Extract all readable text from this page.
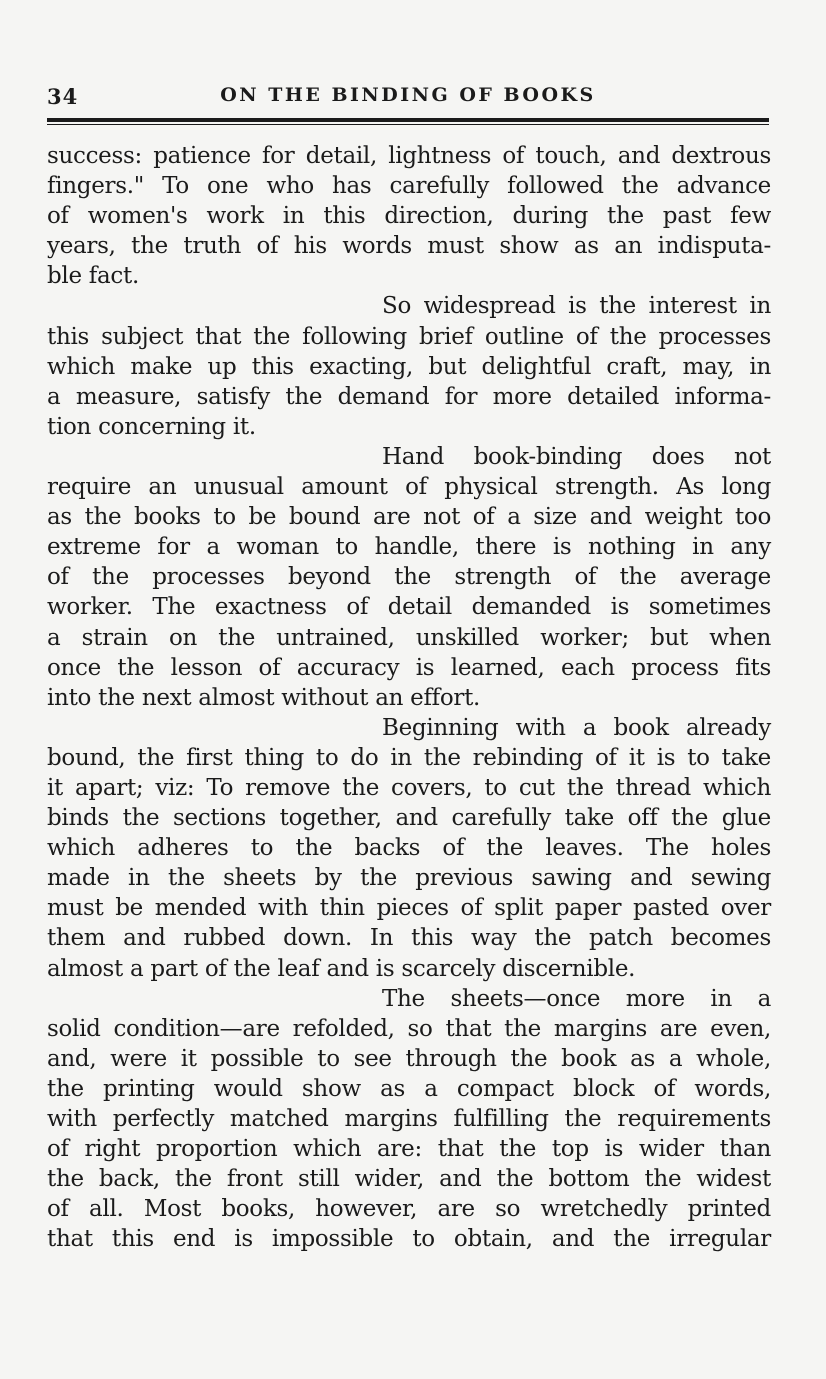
34	ON THE BINDING OF BOOKS
success: patience for detail, lightness of touch, and dextrous
fingers." To one who has carefully followed the advance
of women's work in this direction, during the past few
years, the truth of his words must show as an indisputa-
ble fact.
So widespread is the interest in
this subject that the following brief outline of the processes
which make up this exacting, but delightful craft, may, in
a measure, satisfy the demand for more detailed informa-
tion concerning it.
Hand book-binding does not
require an unusual amount of physical strength. As long
as the books to be bound are not of a size and weight too
extreme for a woman to handle, there is nothing in any
of the processes beyond the strength of the average
worker. The exactness of detail demanded is sometimes
a strain on the untrained, unskilled worker; but when
once the lesson of accuracy is learned, each process fits
into the next almost without an effort.
Beginning with a book already
bound, the first thing to do in the rebinding of it is to take
it apart; viz: To remove the covers, to cut the thread which
binds the sections together, and carefully take off the glue
which adheres to the backs of the leaves. The holes
made in the sheets by the previous sawing and sewing
must be mended with thin pieces of split paper pasted over
them and rubbed down. In this way the patch becomes
almost a part of the leaf and is scarcely discernible.
The sheets—once more in a
solid condition—are refolded, so that the margins are even,
and, were it possible to see through the book as a whole,
the printing would show as a compact block of words,
with perfectly matched margins fulfilling the requirements
of right proportion which are: that the top is wider than
the back, the front still wider, and the bottom the widest
of all. Most books, however, are so wretchedly printed
that this end is impossible to obtain, and the irregular
